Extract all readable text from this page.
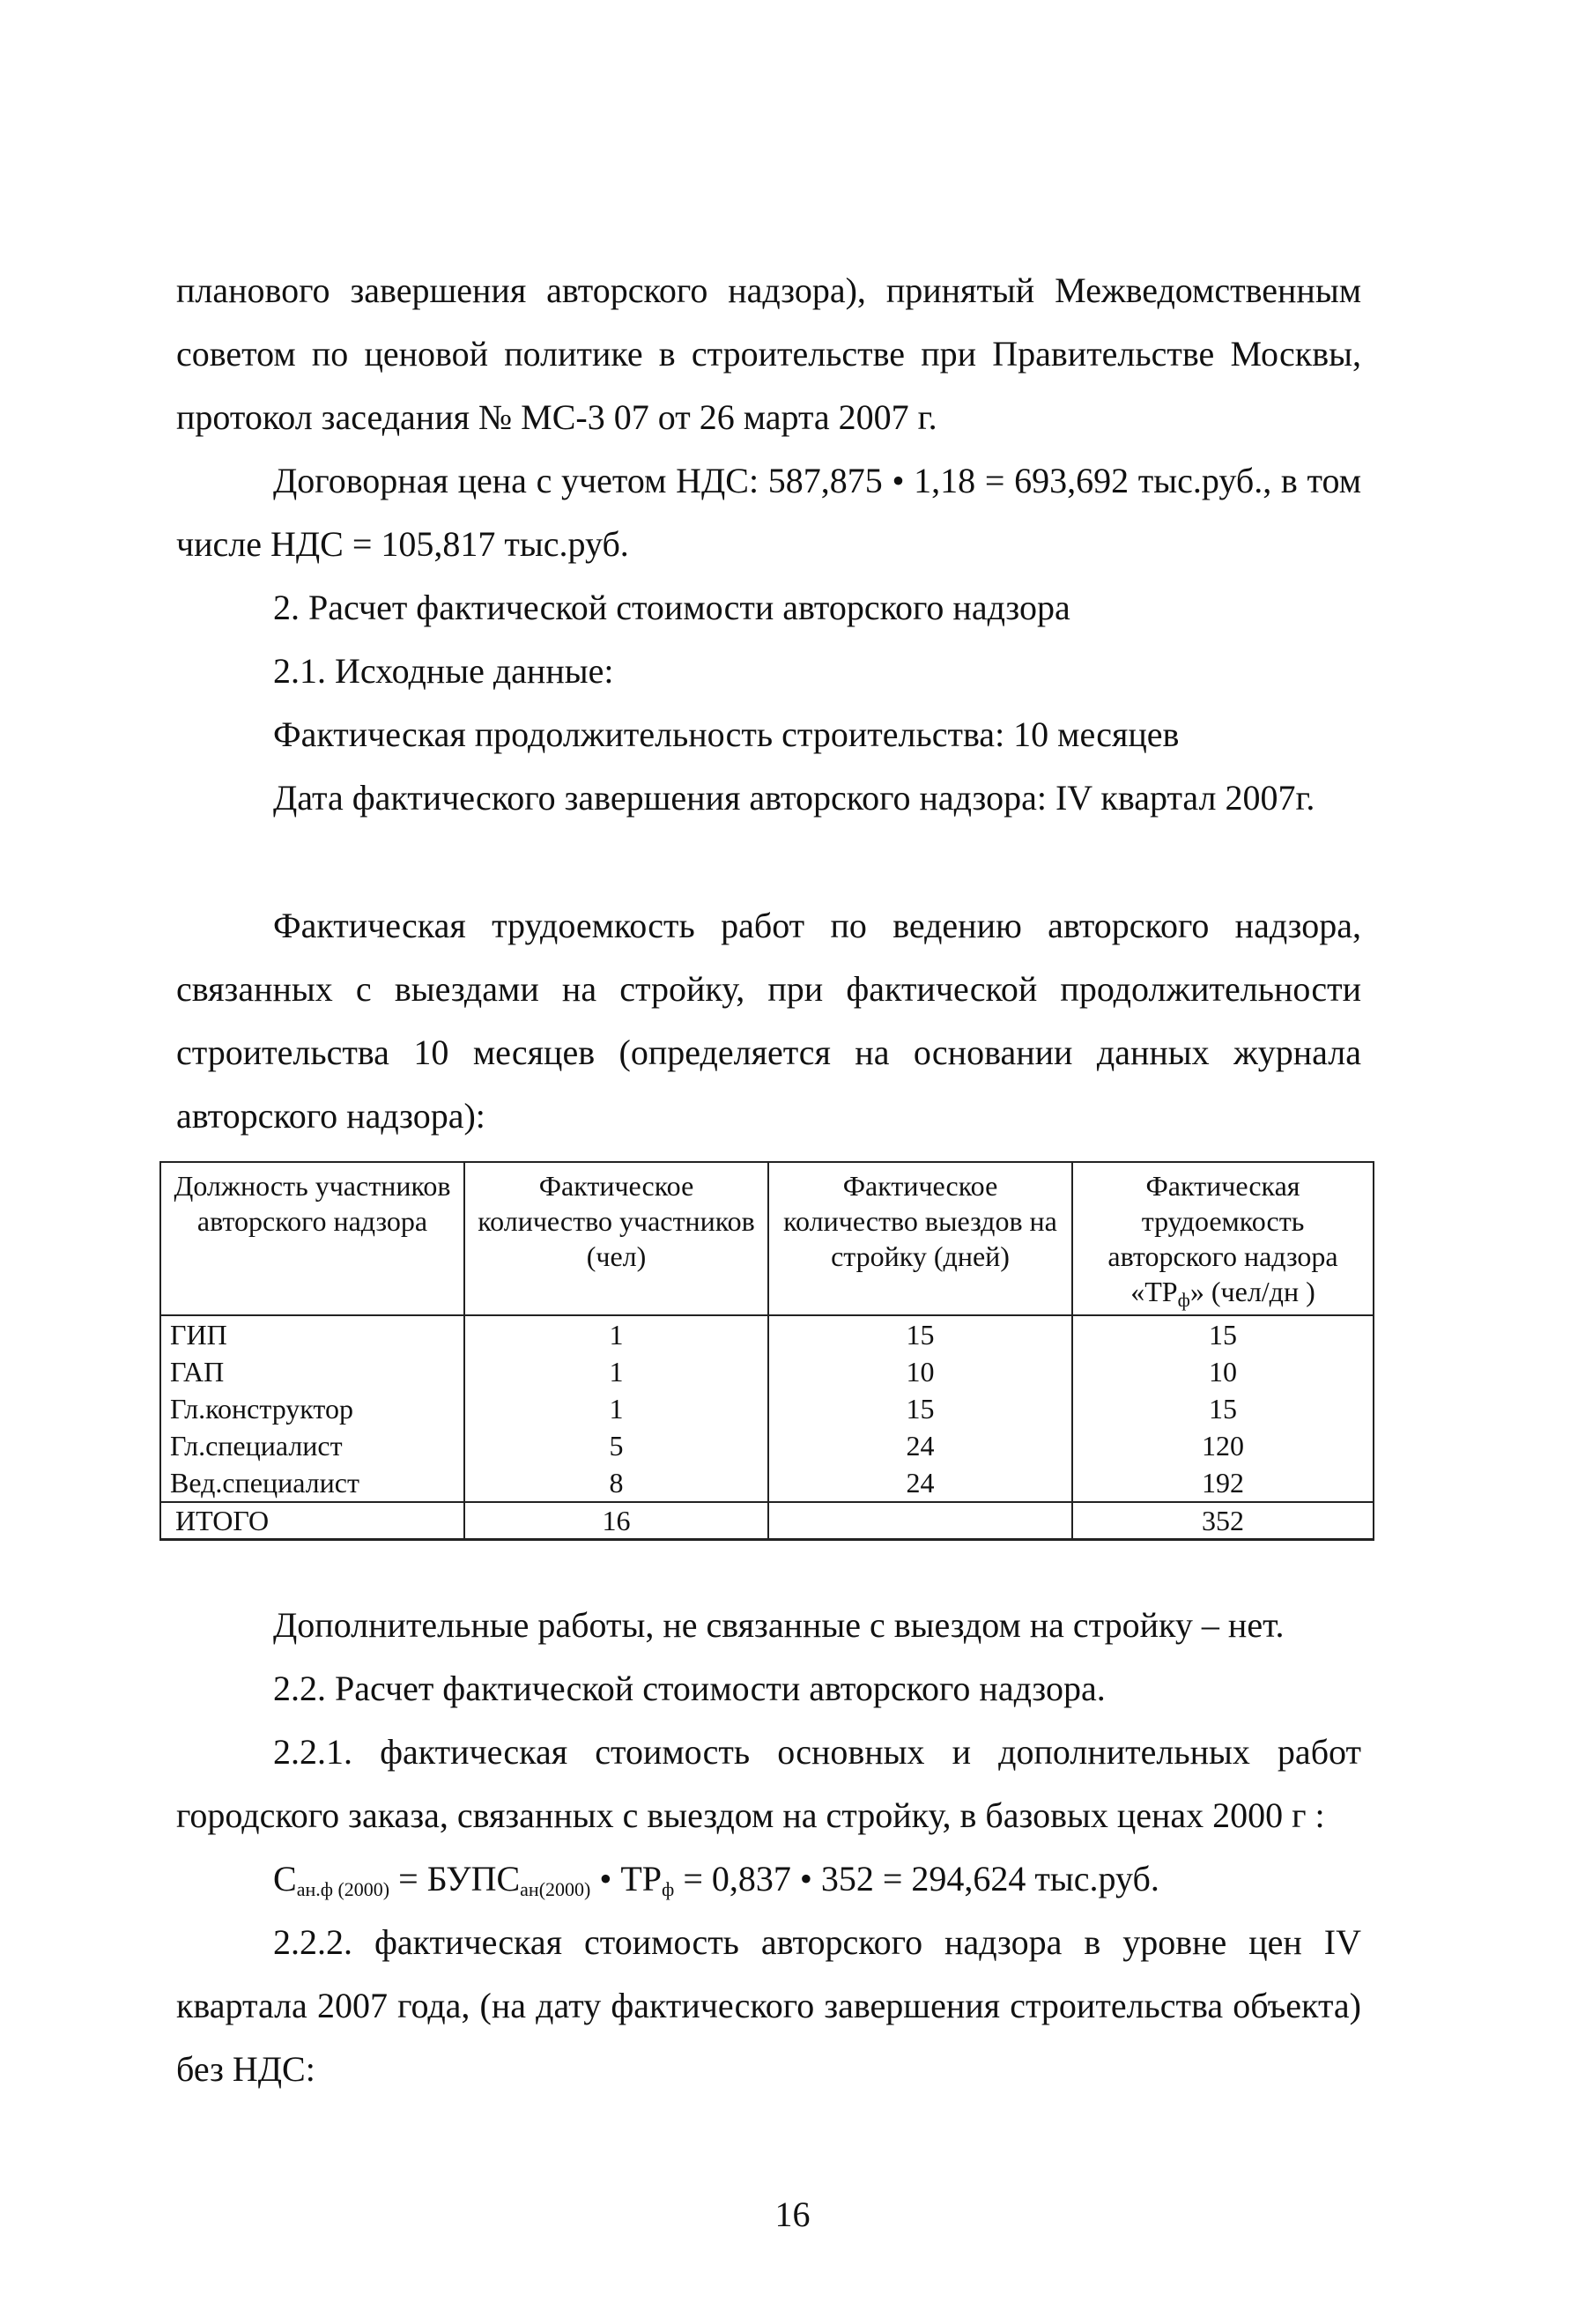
планового завершения авторского надзора), принятый Межведомственным советом по ценовой политике в строительстве при Правительстве Москвы, протокол заседания № МС-3 07 от 26 марта 2007 г.

Договорная цена с учетом НДС: 587,875 • 1,18 = 693,692 тыс.руб., в том числе НДС = 105,817 тыс.руб.

2. Расчет фактической стоимости авторского надзора

2.1. Исходные данные:

Фактическая продолжительность строительства: 10 месяцев

Дата фактического завершения авторского надзора: IV квартал 2007г.

Фактическая трудоемкость работ по ведению авторского надзора, связанных с выездами на стройку, при фактической продолжительности строительства 10 месяцев (определяется на основании данных журнала авторского надзора):

Должность участников авторского надзора	Фактическое количество участников (чел)	Фактическое количество выездов на стройку (дней)	Фактическая трудоемкость авторского надзора «$ТР_ф$» (чел/дн )
ГИП	1	15	15
ГАП	1	10	10
Гл.конструктор	1	15	15
Гл.специалист	5	24	120
Вед.специалист	8	24	192
ИТОГО	16		352

Дополнительные работы, не связанные с выездом на стройку – нет.

2.2. Расчет фактической стоимости авторского надзора.

2.2.1. фактическая стоимость основных и дополнительных работ городского заказа, связанных с выездом на стройку, в базовых ценах 2000 г :

$С_{ан.ф (2000)}$ = $БУПС_{ан(2000)}$ • $ТР_ф = 0,837$ • 352 = 294,624 тыс.руб.

2.2.2. фактическая стоимость авторского надзора в уровне цен IV квартала 2007 года, (на дату фактического завершения строительства объекта) без НДС:

16
